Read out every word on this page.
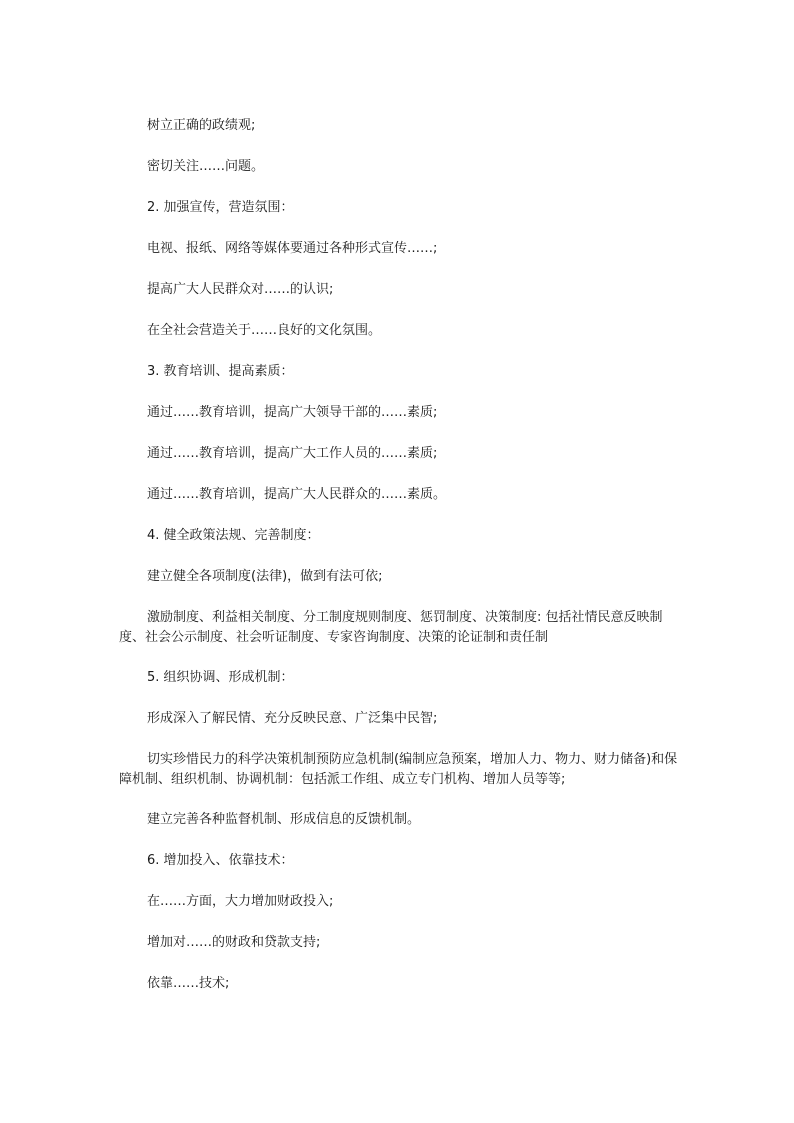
树立正确的政绩观;

密切关注……问题。

2. 加强宣传，营造氛围：

电视、报纸、网络等媒体要通过各种形式宣传……;

提高广大人民群众对……的认识;

在全社会营造关于……良好的文化氛围。

3. 教育培训、提高素质：

通过……教育培训，提高广大领导干部的……素质;

通过……教育培训，提高广大工作人员的……素质;

通过……教育培训，提高广大人民群众的……素质。

4. 健全政策法规、完善制度：

建立健全各项制度(法律)，做到有法可依;

激励制度、利益相关制度、分工制度规则制度、惩罚制度、决策制度: 包括社情民意反映制度、社会公示制度、社会听证制度、专家咨询制度、决策的论证制和责任制

5. 组织协调、形成机制：

形成深入了解民情、充分反映民意、广泛集中民智;

切实珍惜民力的科学决策机制预防应急机制(编制应急预案，增加人力、物力、财力储备)和保障机制、组织机制、协调机制：包括派工作组、成立专门机构、增加人员等等;

建立完善各种监督机制、形成信息的反馈机制。

6. 增加投入、依靠技术：

在……方面，大力增加财政投入;

增加对……的财政和贷款支持;

依靠……技术;
